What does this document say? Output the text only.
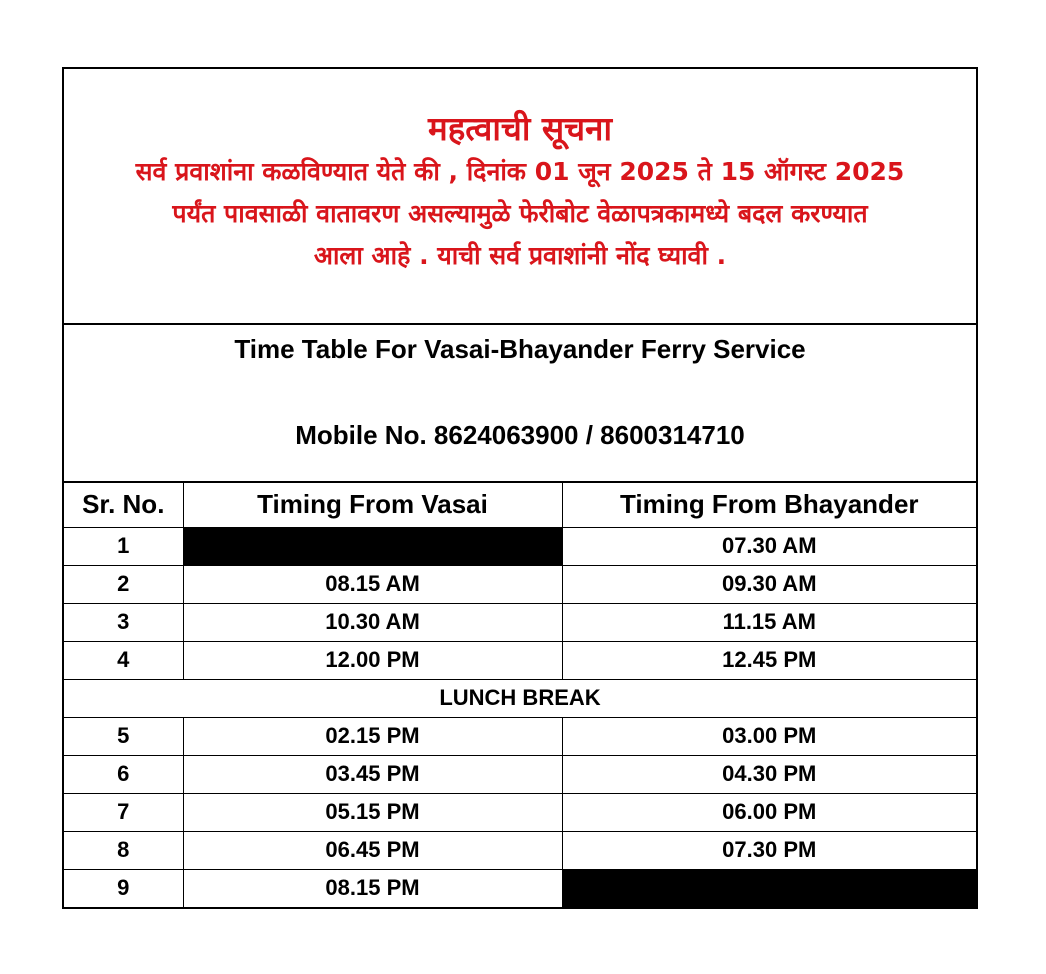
महत्वाची सूचना

सर्व प्रवाशांना कळविण्यात येते की , दिनांक 01 जून 2025 ते 15 ऑगस्ट 2025

पर्यंत पावसाळी वातावरण असल्यामुळे फेरीबोट वेळापत्रकामध्ये बदल करण्यात

आला आहे . याची सर्व प्रवाशांनी नोंद घ्यावी .

Time Table For Vasai-Bhayander Ferry Service

Mobile No. 8624063900 / 8600314710

Sr. No.	Timing From Vasai	Timing From Bhayander
1		07.30 AM
2	08.15 AM	09.30 AM
3	10.30 AM	11.15 AM
4	12.00 PM	12.45 PM
LUNCH BREAK		
5	02.15 PM	03.00 PM
6	03.45 PM	04.30 PM
7	05.15 PM	06.00 PM
8	06.45 PM	07.30 PM
9	08.15 PM	
